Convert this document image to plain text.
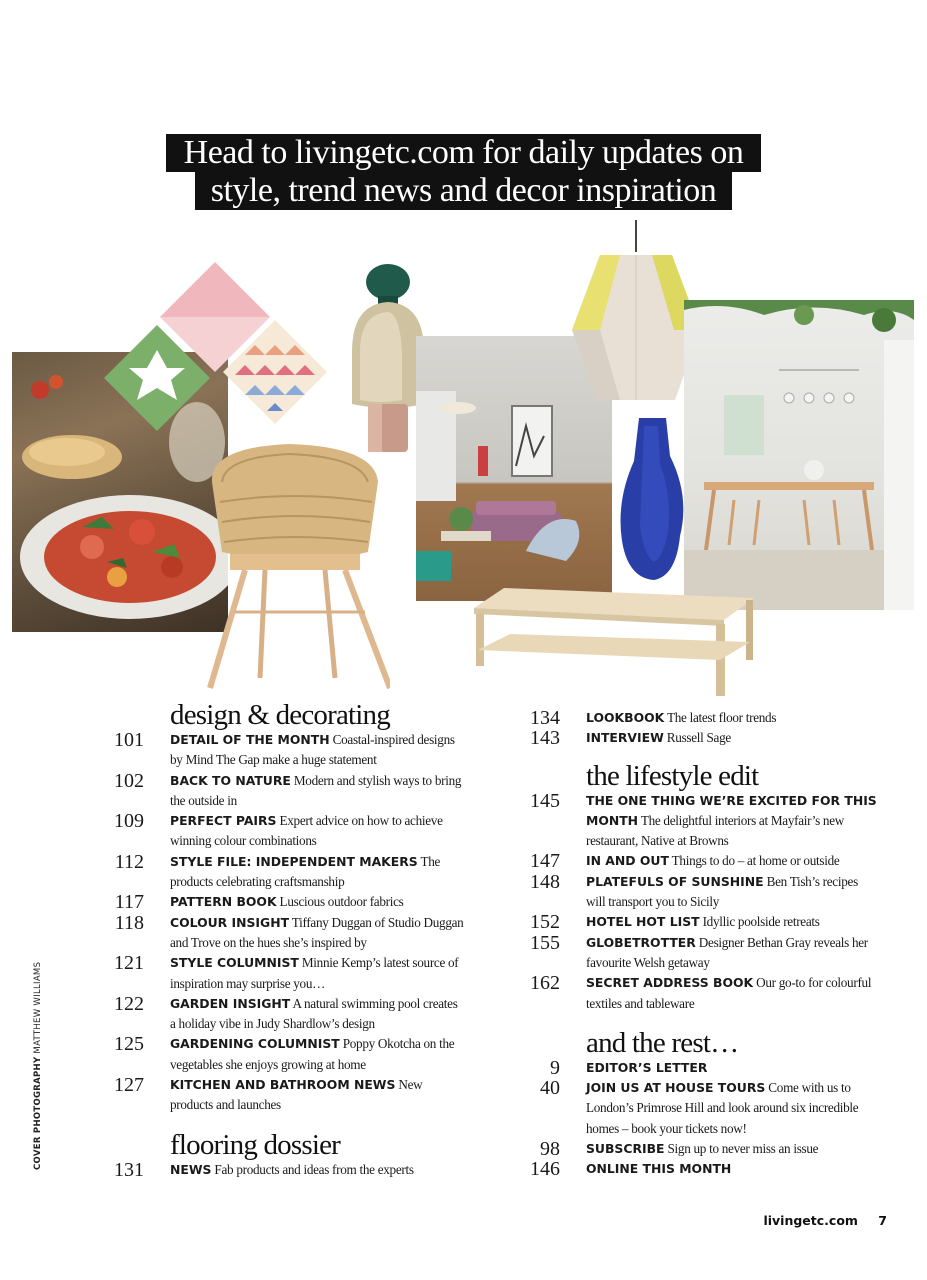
Head to livingetc.com for daily updates on
style, trend news and decor inspiration
COVER PHOTOGRAPHY MATTHEW WILLIAMS
design & decorating
101 DETAIL OF THE MONTH Coastal-inspired designs by Mind The Gap make a huge statement
102 BACK TO NATURE Modern and stylish ways to bring the outside in
109 PERFECT PAIRS Expert advice on how to achieve winning colour combinations
112 STYLE FILE: INDEPENDENT MAKERS The products celebrating craftsmanship
117 PATTERN BOOK Luscious outdoor fabrics
118 COLOUR INSIGHT Tiffany Duggan of Studio Duggan and Trove on the hues she’s inspired by
121 STYLE COLUMNIST Minnie Kemp’s latest source of inspiration may surprise you…
122 GARDEN INSIGHT A natural swimming pool creates a holiday vibe in Judy Shardlow’s design
125 GARDENING COLUMNIST Poppy Okotcha on the vegetables she enjoys growing at home
127 KITCHEN AND BATHROOM NEWS New products and launches
flooring dossier
131 NEWS Fab products and ideas from the experts
134 LOOKBOOK The latest floor trends
143 INTERVIEW Russell Sage
the lifestyle edit
145 THE ONE THING WE’RE EXCITED FOR THIS MONTH The delightful interiors at Mayfair’s new restaurant, Native at Browns
147 IN AND OUT Things to do – at home or outside
148 PLATEFULS OF SUNSHINE Ben Tish’s recipes will transport you to Sicily
152 HOTEL HOT LIST Idyllic poolside retreats
155 GLOBETROTTER Designer Bethan Gray reveals her favourite Welsh getaway
162 SECRET ADDRESS BOOK Our go-to for colourful textiles and tableware
and the rest…
9 EDITOR’S LETTER
40 JOIN US AT HOUSE TOURS Come with us to London’s Primrose Hill and look around six incredible homes – book your tickets now!
98 SUBSCRIBE Sign up to never miss an issue
146 ONLINE THIS MONTH
livingetc.com 7
